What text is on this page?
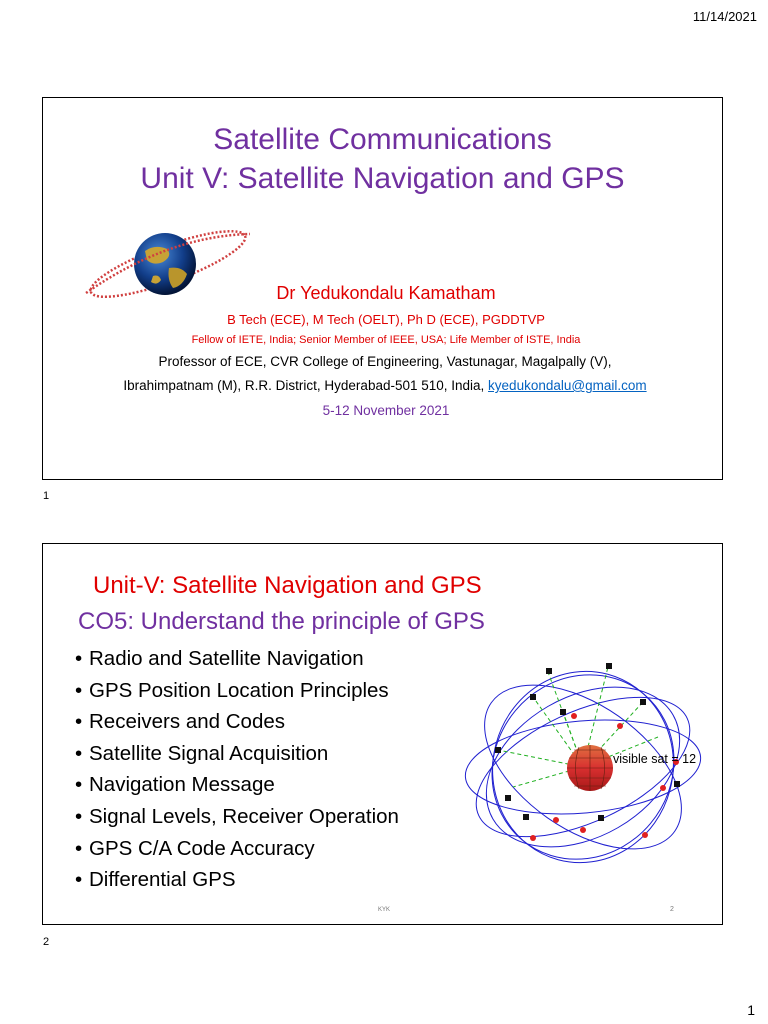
11/14/2021
Satellite Communications
Unit V: Satellite Navigation and GPS
Dr Yedukondalu Kamatham
B Tech (ECE), M Tech (OELT), Ph D (ECE), PGDDTVP
Fellow of IETE, India; Senior Member of IEEE, USA; Life Member of ISTE, India
Professor of ECE, CVR College of Engineering, Vastunagar, Magalpally (V),
Ibrahimpatnam (M), R.R. District, Hyderabad-501 510, India, kyedukondalu@gmail.com
5-12 November 2021
1
Unit-V: Satellite Navigation and GPS
CO5: Understand the principle of GPS
• Radio and Satellite Navigation
• GPS Position Location Principles
• Receivers and Codes
• Satellite Signal Acquisition
• Navigation Message
• Signal Levels, Receiver Operation
• GPS C/A Code Accuracy
• Differential GPS
visible sat = 12
KYK	2
2
1
